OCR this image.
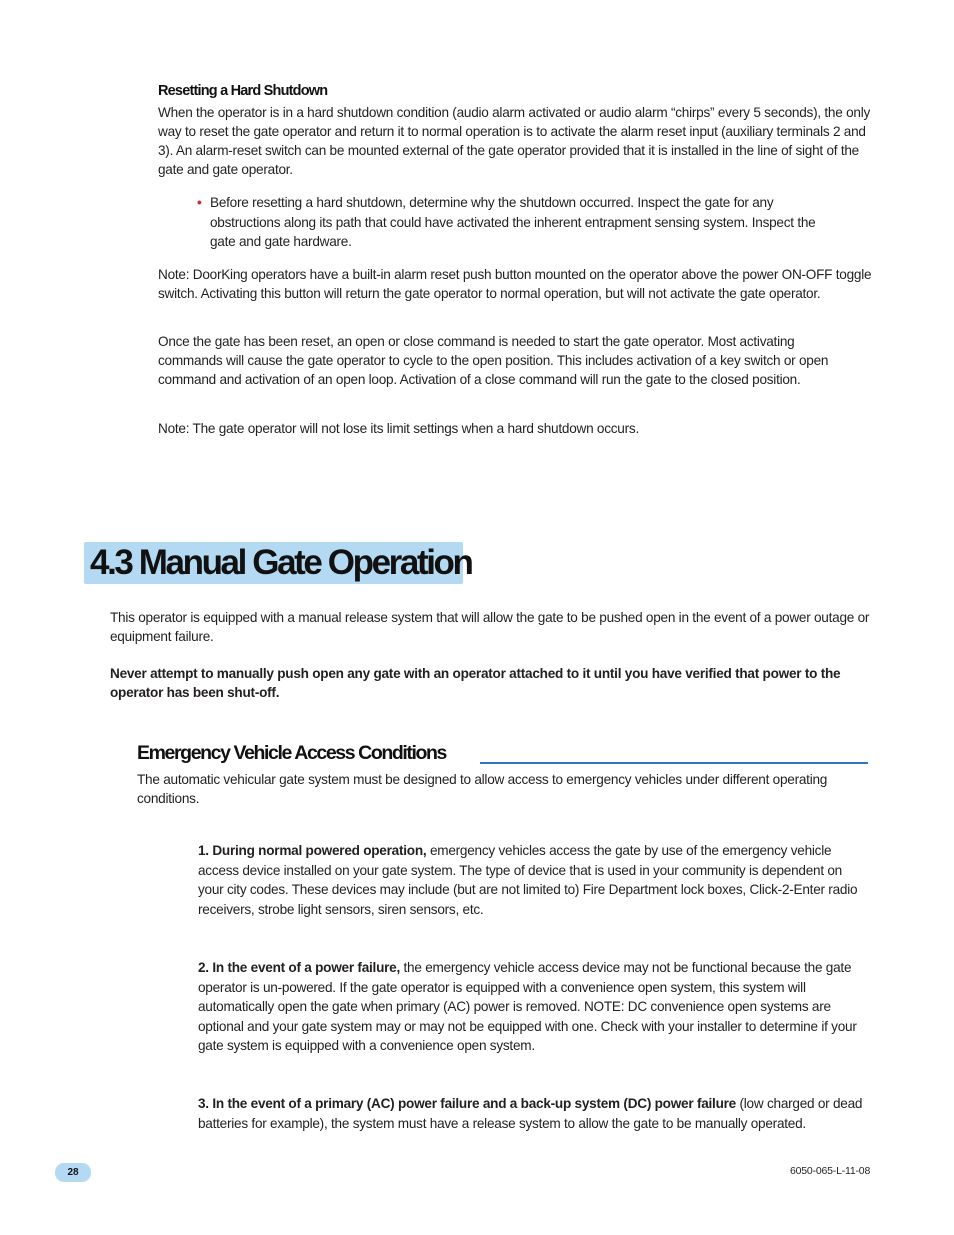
Resetting a Hard Shutdown

When the operator is in a hard shutdown condition (audio alarm activated or audio alarm “chirps” every 5 seconds), the only way to reset the gate operator and return it to normal operation is to activate the alarm reset input (auxiliary terminals 2 and 3). An alarm-reset switch can be mounted external of the gate operator provided that it is installed in the line of sight of the gate and gate operator.

• Before resetting a hard shutdown, determine why the shutdown occurred. Inspect the gate for any obstructions along its path that could have activated the inherent entrapment sensing system. Inspect the gate and gate hardware.

Note: DoorKing operators have a built-in alarm reset push button mounted on the operator above the power ON-OFF toggle switch. Activating this button will return the gate operator to normal operation, but will not activate the gate operator.

Once the gate has been reset, an open or close command is needed to start the gate operator. Most activating commands will cause the gate operator to cycle to the open position. This includes activation of a key switch or open command and activation of an open loop. Activation of a close command will run the gate to the closed position.

Note: The gate operator will not lose its limit settings when a hard shutdown occurs.

4.3 Manual Gate Operation

This operator is equipped with a manual release system that will allow the gate to be pushed open in the event of a power outage or equipment failure.

Never attempt to manually push open any gate with an operator attached to it until you have verified that power to the operator has been shut-off.

Emergency Vehicle Access Conditions

The automatic vehicular gate system must be designed to allow access to emergency vehicles under different operating conditions.

1. During normal powered operation, emergency vehicles access the gate by use of the emergency vehicle access device installed on your gate system. The type of device that is used in your community is dependent on your city codes. These devices may include (but are not limited to) Fire Department lock boxes, Click-2-Enter radio receivers, strobe light sensors, siren sensors, etc.

2. In the event of a power failure, the emergency vehicle access device may not be functional because the gate operator is un-powered. If the gate operator is equipped with a convenience open system, this system will automatically open the gate when primary (AC) power is removed. NOTE: DC convenience open systems are optional and your gate system may or may not be equipped with one. Check with your installer to determine if your gate system is equipped with a convenience open system.

3. In the event of a primary (AC) power failure and a back-up system (DC) power failure (low charged or dead batteries for example), the system must have a release system to allow the gate to be manually operated.

28	6050-065-L-11-08
